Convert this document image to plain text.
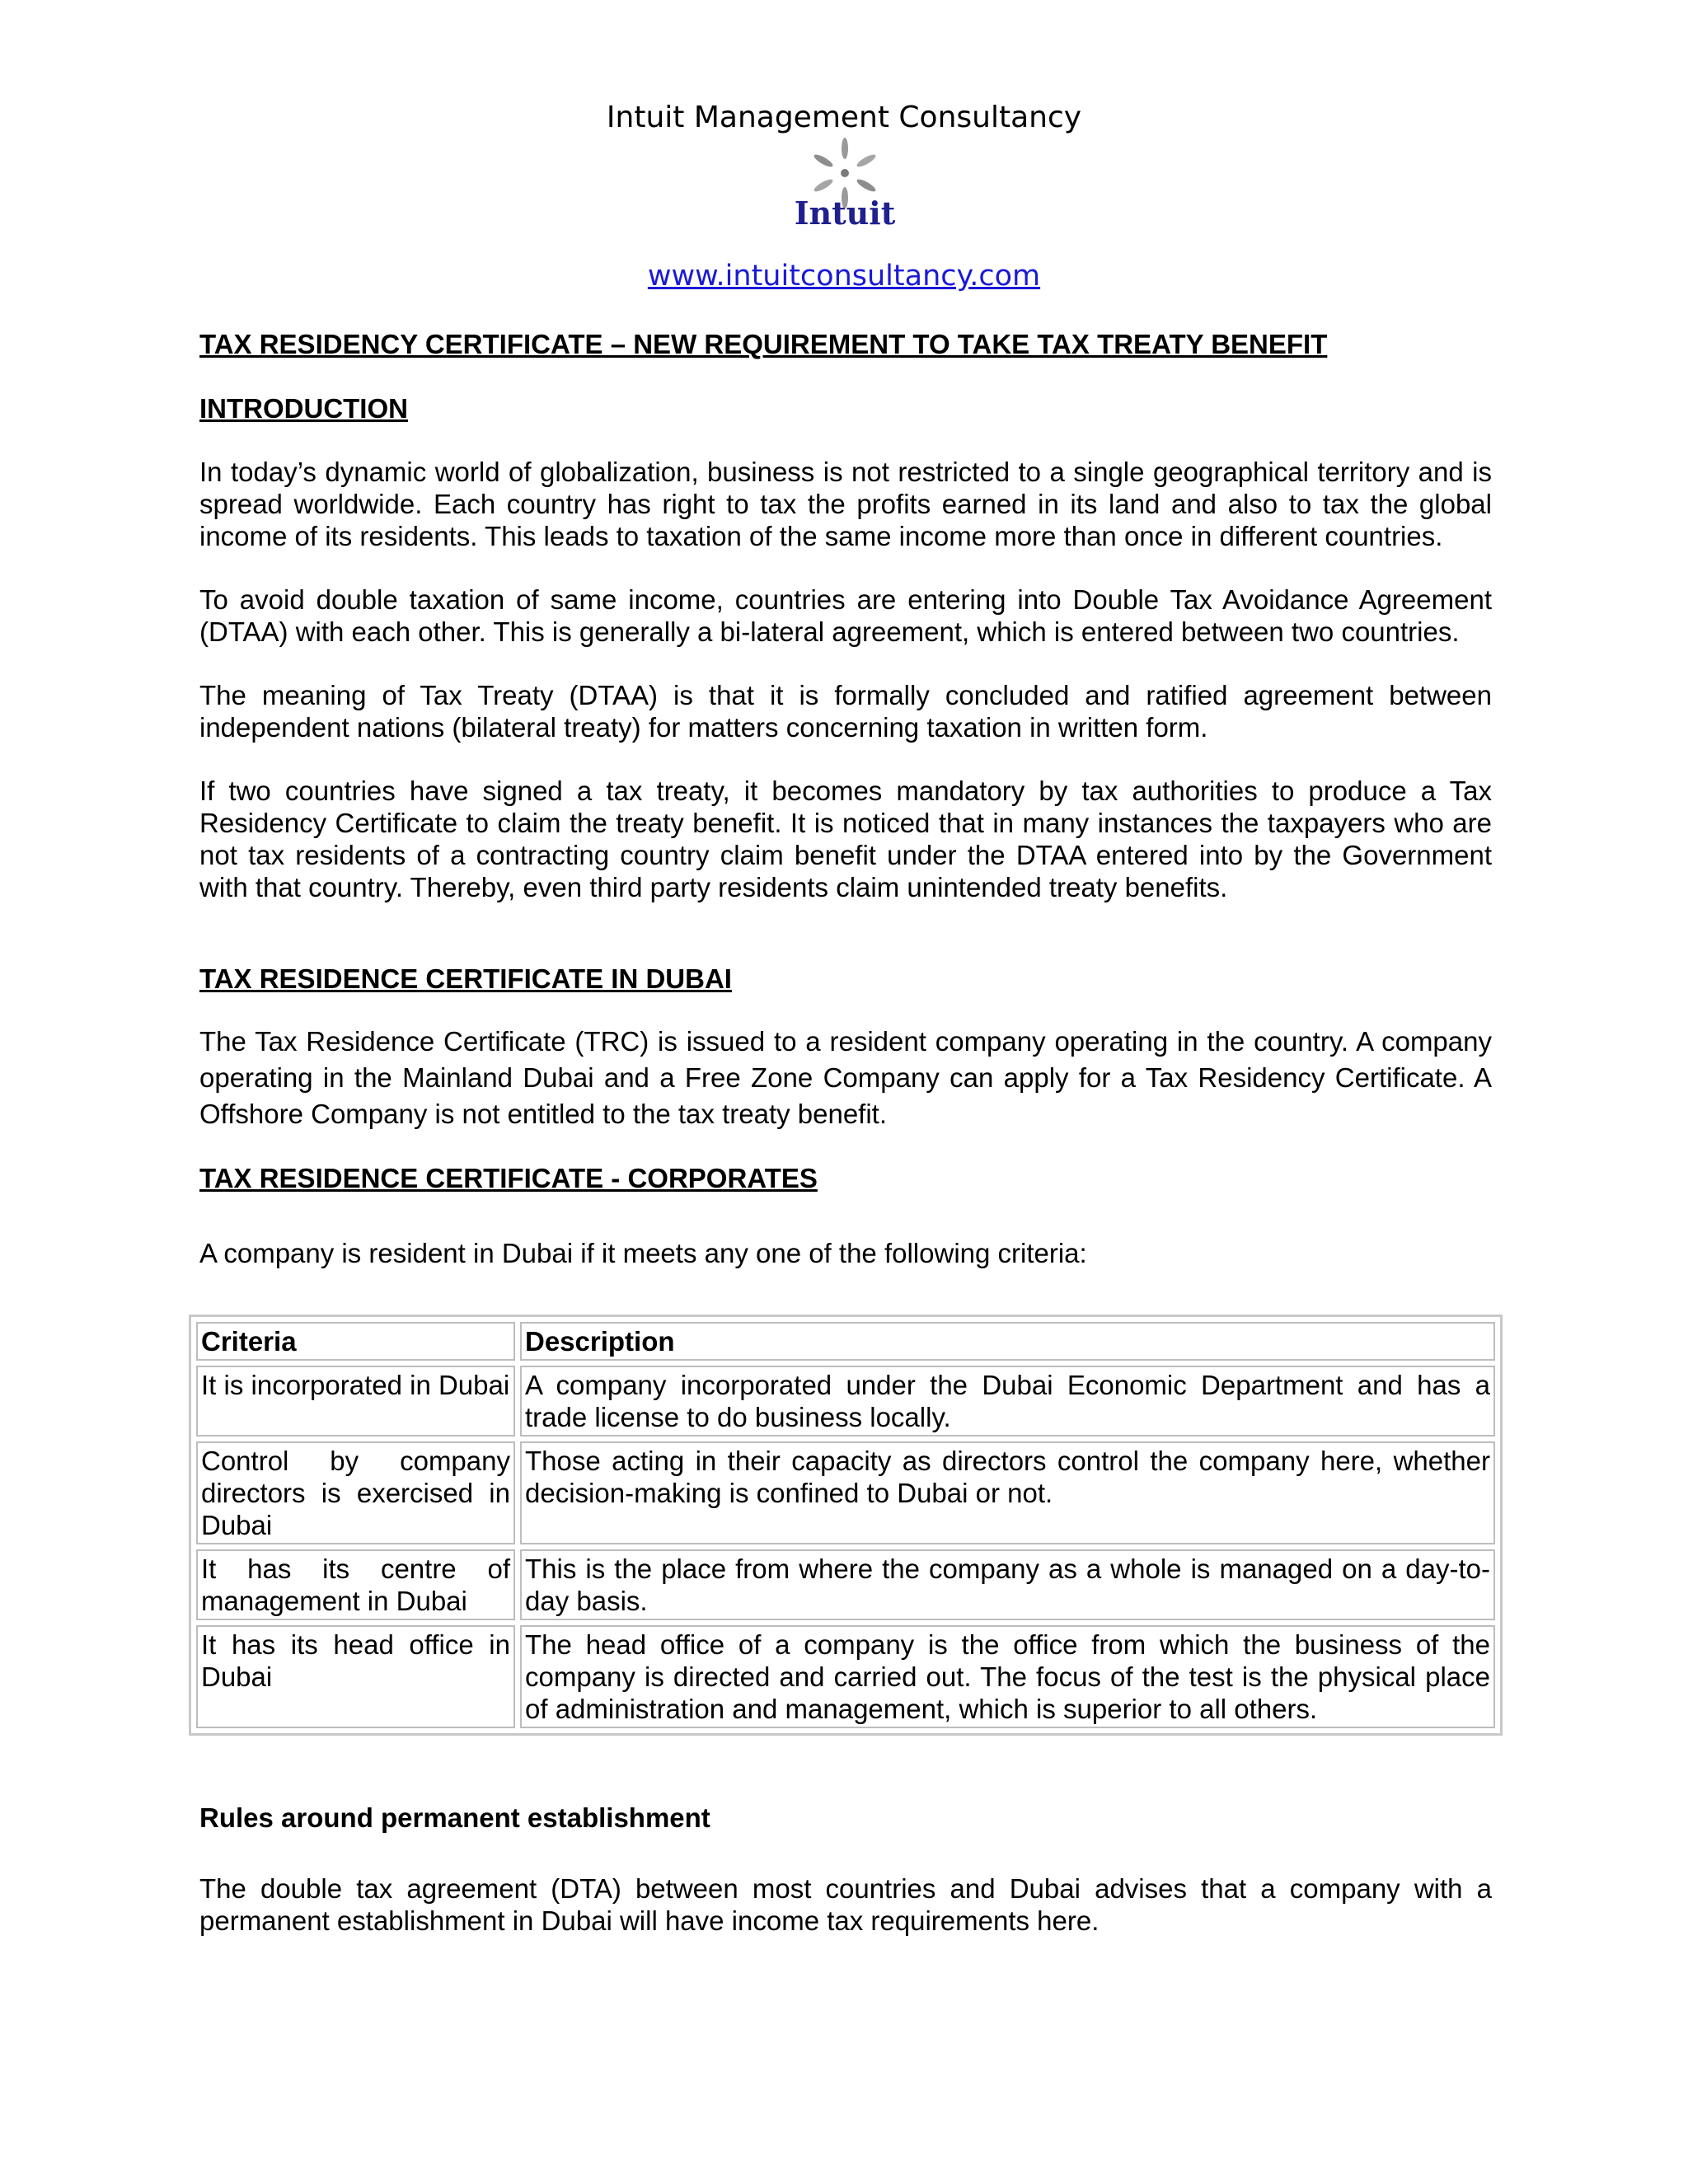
Intuit Management Consultancy
Intuit
www.intuitconsultancy.com
TAX RESIDENCY CERTIFICATE – NEW REQUIREMENT TO TAKE TAX TREATY BENEFIT
INTRODUCTION

In today’s dynamic world of globalization, business is not restricted to a single geographical territory and is spread worldwide. Each country has right to tax the profits earned in its land and also to tax the global income of its residents. This leads to taxation of the same income more than once in different countries.

To avoid double taxation of same income, countries are entering into Double Tax Avoidance Agreement (DTAA) with each other. This is generally a bi-lateral agreement, which is entered between two countries.

The meaning of Tax Treaty (DTAA) is that it is formally concluded and ratified agreement between independent nations (bilateral treaty) for matters concerning taxation in written form.

If two countries have signed a tax treaty, it becomes mandatory by tax authorities to produce a Tax Residency Certificate to claim the treaty benefit. It is noticed that in many instances the taxpayers who are not tax residents of a contracting country claim benefit under the DTAA entered into by the Government with that country. Thereby, even third party residents claim unintended treaty benefits.

TAX RESIDENCE CERTIFICATE IN DUBAI

The Tax Residence Certificate (TRC) is issued to a resident company operating in the country. A company operating in the Mainland Dubai and a Free Zone Company can apply for a Tax Residency Certificate. A Offshore Company is not entitled to the tax treaty benefit.

TAX RESIDENCE CERTIFICATE - CORPORATES

A company is resident in Dubai if it meets any one of the following criteria:

Criteria	Description
It is incorporated in Dubai	A company incorporated under the Dubai Economic Department and has a trade license to do business locally.
Control by company directors is exercised in Dubai	Those acting in their capacity as directors control the company here, whether decision-making is confined to Dubai or not.
It has its centre of management in Dubai	This is the place from where the company as a whole is managed on a day-to-day basis.
It has its head office in Dubai	The head office of a company is the office from which the business of the company is directed and carried out. The focus of the test is the physical place of administration and management, which is superior to all others.
Rules around permanent establishment

The double tax agreement (DTA) between most countries and Dubai advises that a company with a permanent establishment in Dubai will have income tax requirements here.
